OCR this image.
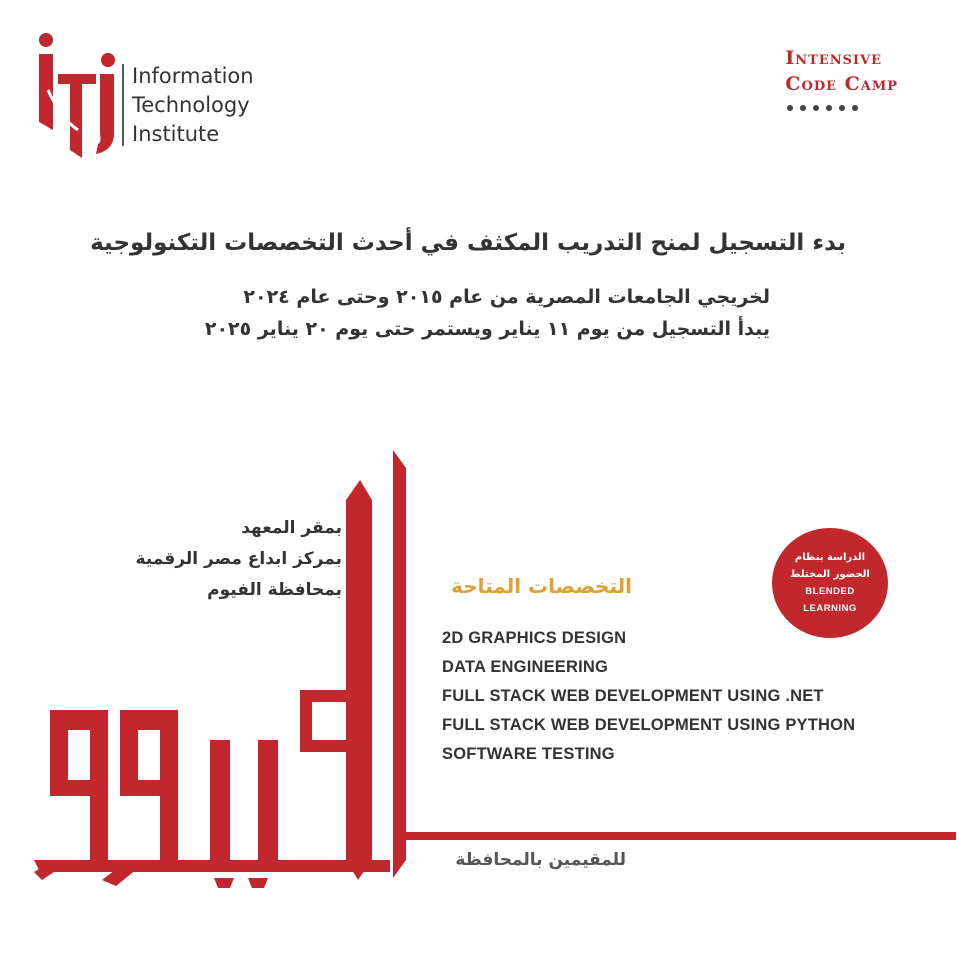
Information
Technology
Institute
Intensive
Code Camp
بدء التسجيل لمنح التدريب المكثف في أحدث التخصصات التكنولوجية
لخريجي الجامعات المصرية من عام ٢٠١٥ وحتى عام ٢٠٢٤
يبدأ التسجيل من يوم ١١ يناير ويستمر حتى يوم ٢٠ يناير ٢٠٢٥
بمقر المعهد
بمركز ابداع مصر الرقمية
بمحافظة الفيوم	التخصصات المتاحة
2D GRAPHICS DESIGN
DATA ENGINEERING
FULL STACK WEB DEVELOPMENT USING .NET
FULL STACK WEB DEVELOPMENT USING PYTHON
SOFTWARE TESTING
الدراسة بنظام
الحضور المختلط
BLENDED
LEARNING
للمقيمين بالمحافظة
